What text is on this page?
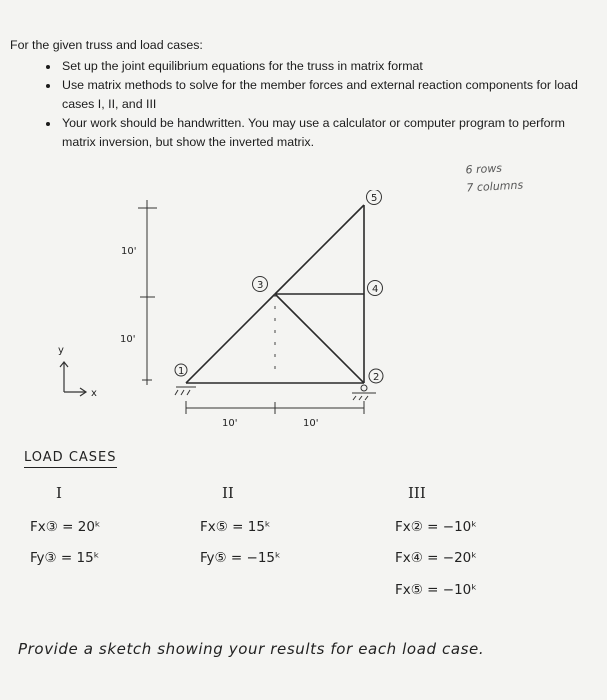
For the given truss and load cases:
• Set up the joint equilibrium equations for the truss in matrix format
• Use matrix methods to solve for the member forces and external reaction components for load cases I, II, and III
• Your work should be handwritten. You may use a calculator or computer program to perform matrix inversion, but show the inverted matrix.
6 rows
7 columns
10'
10'
y
x
10'	10'
1
2
3	4
5
LOAD CASES
I
Fx③ = 20ᵏ
Fy③ = 15ᵏ
II
Fx⑤ = 15ᵏ
Fy⑤ = −15ᵏ
III
Fx② = −10ᵏ
Fx④ = −20ᵏ
Fx⑤ = −10ᵏ
Provide a sketch showing your results for each load case.
